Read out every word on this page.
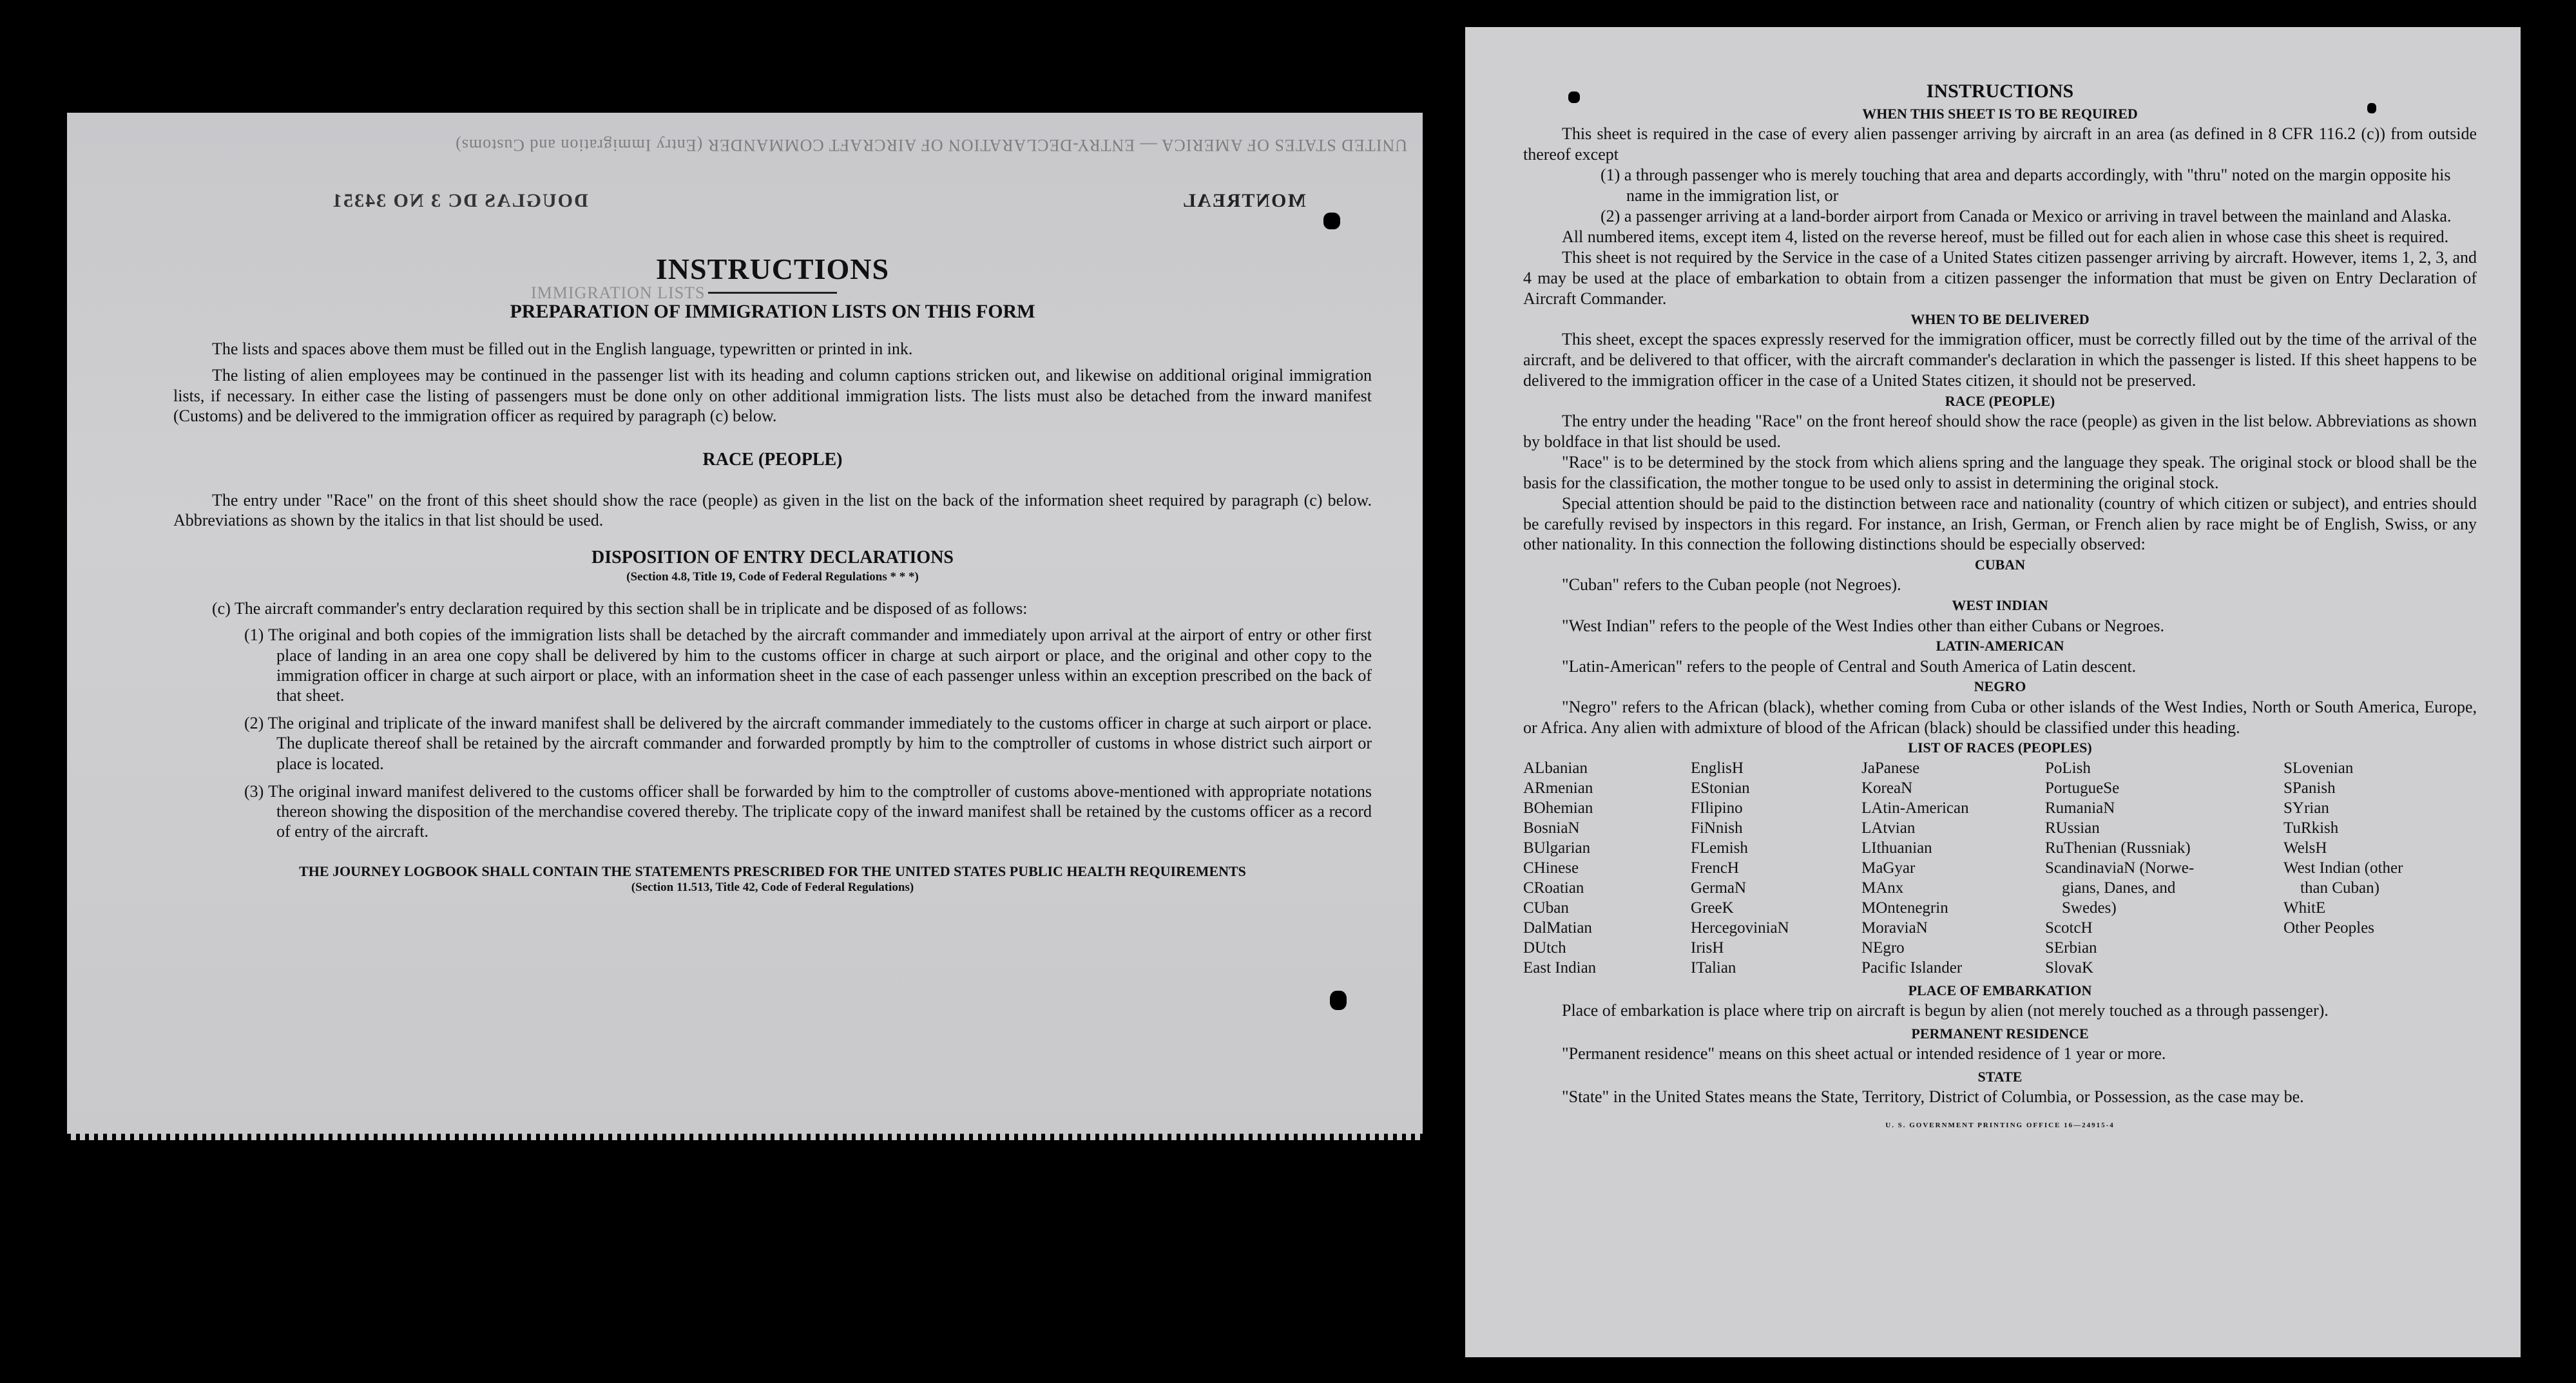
UNITED STATES OF AMERICA — ENTRY-DECLARATION OF AIRCRAFT COMMANDER (Entry Immigration and Customs)
IMMIGRATION LISTS
DOUGLAS DC 3 NO 34351	MONTREAL
INSTRUCTIONS
PREPARATION OF IMMIGRATION LISTS ON THIS FORM

The lists and spaces above them must be filled out in the English language, typewritten or printed in ink.

The listing of alien employees may be continued in the passenger list with its heading and column captions stricken out, and likewise on additional original immigration lists, if necessary. In either case the listing of passengers must be done only on other additional immigration lists. The lists must also be detached from the inward manifest (Customs) and be delivered to the immigration officer as required by paragraph (c) below.

RACE (PEOPLE)

The entry under "Race" on the front of this sheet should show the race (people) as given in the list on the back of the information sheet required by paragraph (c) below. Abbreviations as shown by the italics in that list should be used.

DISPOSITION OF ENTRY DECLARATIONS
(Section 4.8, Title 19, Code of Federal Regulations * * *)

(c) The aircraft commander's entry declaration required by this section shall be in triplicate and be disposed of as follows:

(1) The original and both copies of the immigration lists shall be detached by the aircraft commander and immediately upon arrival at the airport of entry or other first place of landing in an area one copy shall be delivered by him to the customs officer in charge at such airport or place, and the original and other copy to the immigration officer in charge at such airport or place, with an information sheet in the case of each passenger unless within an exception prescribed on the back of that sheet.

(2) The original and triplicate of the inward manifest shall be delivered by the aircraft commander immediately to the customs officer in charge at such airport or place. The duplicate thereof shall be retained by the aircraft commander and forwarded promptly by him to the comptroller of customs in whose district such airport or place is located.

(3) The original inward manifest delivered to the customs officer shall be forwarded by him to the comptroller of customs above-mentioned with appropriate notations thereon showing the disposition of the merchandise covered thereby. The triplicate copy of the inward manifest shall be retained by the customs officer as a record of entry of the aircraft.

THE JOURNEY LOGBOOK SHALL CONTAIN THE STATEMENTS PRESCRIBED FOR THE UNITED STATES PUBLIC HEALTH REQUIREMENTS
(Section 11.513, Title 42, Code of Federal Regulations)
INSTRUCTIONS
WHEN THIS SHEET IS TO BE REQUIRED

This sheet is required in the case of every alien passenger arriving by aircraft in an area (as defined in 8 CFR 116.2 (c)) from outside thereof except

(1) a through passenger who is merely touching that area and departs accordingly, with "thru" noted on the margin opposite his name in the immigration list, or

(2) a passenger arriving at a land-border airport from Canada or Mexico or arriving in travel between the mainland and Alaska.

All numbered items, except item 4, listed on the reverse hereof, must be filled out for each alien in whose case this sheet is required.

This sheet is not required by the Service in the case of a United States citizen passenger arriving by aircraft. However, items 1, 2, 3, and 4 may be used at the place of embarkation to obtain from a citizen passenger the information that must be given on Entry Declaration of Aircraft Commander.

WHEN TO BE DELIVERED

This sheet, except the spaces expressly reserved for the immigration officer, must be correctly filled out by the time of the arrival of the aircraft, and be delivered to that officer, with the aircraft commander's declaration in which the passenger is listed. If this sheet happens to be delivered to the immigration officer in the case of a United States citizen, it should not be preserved.

RACE (PEOPLE)

The entry under the heading "Race" on the front hereof should show the race (people) as given in the list below. Abbreviations as shown by boldface in that list should be used.

"Race" is to be determined by the stock from which aliens spring and the language they speak. The original stock or blood shall be the basis for the classification, the mother tongue to be used only to assist in determining the original stock.

Special attention should be paid to the distinction between race and nationality (country of which citizen or subject), and entries should be carefully revised by inspectors in this regard. For instance, an Irish, German, or French alien by race might be of English, Swiss, or any other nationality. In this connection the following distinctions should be especially observed:

CUBAN

"Cuban" refers to the Cuban people (not Negroes).

WEST INDIAN

"West Indian" refers to the people of the West Indies other than either Cubans or Negroes.

LATIN-AMERICAN

"Latin-American" refers to the people of Central and South America of Latin descent.

NEGRO

"Negro" refers to the African (black), whether coming from Cuba or other islands of the West Indies, North or South America, Europe, or Africa. Any alien with admixture of blood of the African (black) should be classified under this heading.

LIST OF RACES (PEOPLES)
ALbanian
ARmenian
BOhemian
BosniaN
BUlgarian
CHinese
CRoatian
CUban
DalMatian
DUtch
East Indian
EnglisH
EStonian
FIlipino
FiNnish
FLemish
FrencH
GermaN
GreeK
HercegoviniaN
IrisH
ITalian
JaPanese
KoreaN
LAtin-American
LAtvian
LIthuanian
MaGyar
MAnx
MOntenegrin
MoraviaN
NEgro
Pacific Islander
PoLish
PortugueSe
RumaniaN
RUssian
RuThenian (Russniak)
ScandinaviaN (Norwe-
gians, Danes, and
Swedes)
ScotcH
SErbian
SlovaK
SLovenian
SPanish
SYrian
TuRkish
WelsH
West Indian (other
than Cuban)
WhitE
Other Peoples
PLACE OF EMBARKATION

Place of embarkation is place where trip on aircraft is begun by alien (not merely touched as a through passenger).

PERMANENT RESIDENCE

"Permanent residence" means on this sheet actual or intended residence of 1 year or more.

STATE

"State" in the United States means the State, Territory, District of Columbia, or Possession, as the case may be.

U. S. GOVERNMENT PRINTING OFFICE 16—24915-4
